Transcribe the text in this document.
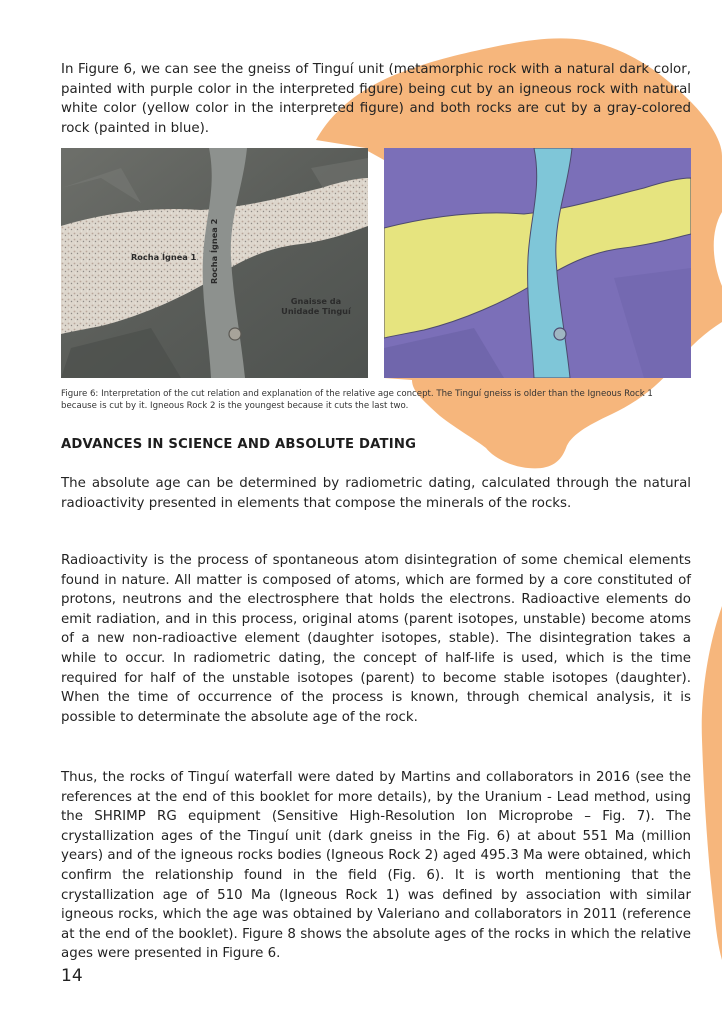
In Figure 6, we can see the gneiss of Tinguí unit (metamorphic rock with a natural dark color, painted with purple color in the interpreted figure) being cut by an igneous rock with natural white color (yellow color in the interpreted figure) and both rocks are cut by a gray-colored rock (painted in blue).

Rocha Ígnea 1 Rocha Ígnea 2
Gnaisse da
Unidade Tinguí

Figure 6: Interpretation of the cut relation and explanation of the relative age concept. The Tinguí gneiss is older than the Igneous Rock 1 because is cut by it. Igneous Rock 2 is the youngest because it cuts the last two.

ADVANCES IN SCIENCE AND ABSOLUTE DATING

The absolute age can be determined by radiometric dating, calculated through the natural radioactivity presented in elements that compose the minerals of the rocks.

Radioactivity is the process of spontaneous atom disintegration of some chemical elements found in nature. All matter is composed of atoms, which are formed by a core constituted of protons, neutrons and the electrosphere that holds the electrons. Radioactive elements do emit radiation, and in this process, original atoms (parent isotopes, unstable) become atoms of a new non-radioactive element (daughter isotopes, stable). The disintegration takes a while to occur. In radiometric dating, the concept of half-life is used, which is the time required for half of the unstable isotopes (parent) to become stable isotopes (daughter). When the time of occurrence of the process is known, through chemical analysis, it is possible to determinate the absolute age of the rock.

Thus, the rocks of Tinguí waterfall were dated by Martins and collaborators in 2016 (see the references at the end of this booklet for more details), by the Uranium - Lead method, using the SHRIMP RG equipment (Sensitive High-Resolution Ion Microprobe – Fig. 7). The crystallization ages of the Tinguí unit (dark gneiss in the Fig. 6) at about 551 Ma (million years) and of the igneous rocks bodies (Igneous Rock 2) aged 495.3 Ma were obtained, which confirm the relationship found in the field (Fig. 6). It is worth mentioning that the crystallization age of 510 Ma (Igneous Rock 1) was defined by association with similar igneous rocks, which the age was obtained by Valeriano and collaborators in 2011 (reference at the end of the booklet). Figure 8 shows the absolute ages of the rocks in which the relative ages were presented in Figure 6.

14
